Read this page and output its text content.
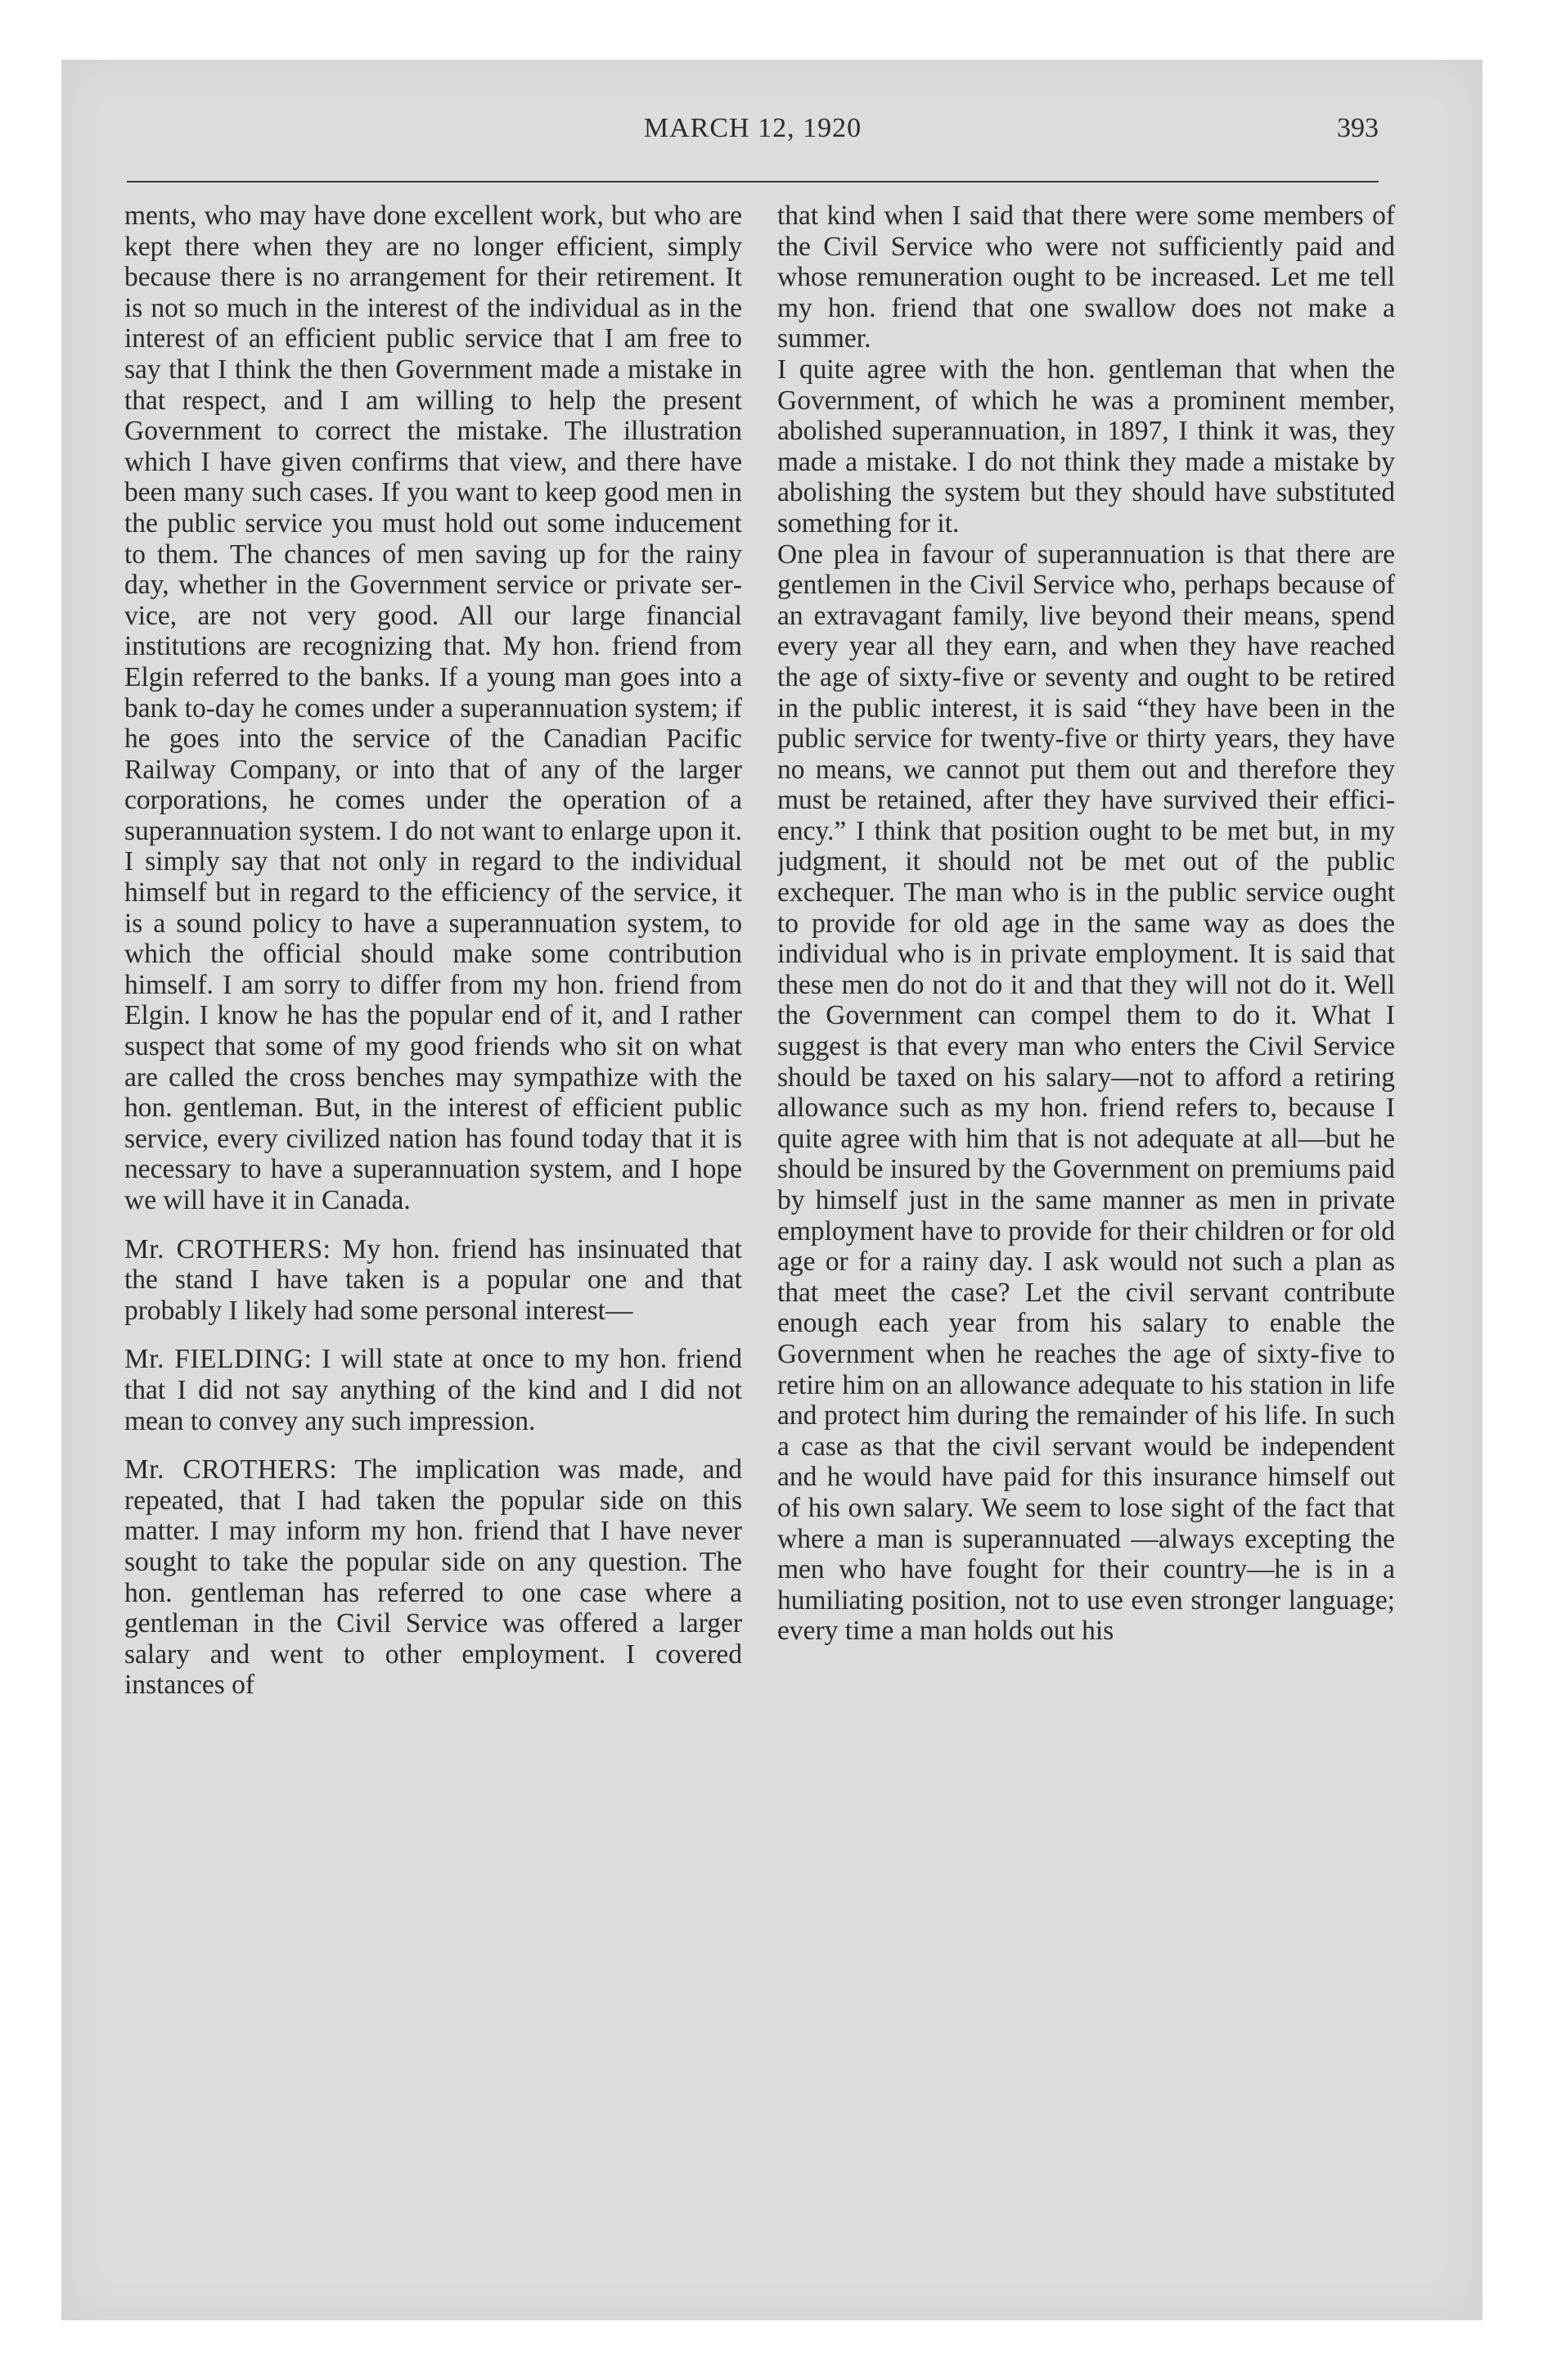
MARCH 12, 1920	393

ments, who may have done excellent work, but who are kept there when they are no longer efficient, simply because there is no arrangement for their retirement. It is not so much in the interest of the individual as in the interest of an efficient public service that I am free to say that I think the then Government made a mistake in that respect, and I am willing to help the present Government to correct the mistake. The illustration which I have given confirms that view, and there have been many such cases. If you want to keep good men in the public service you must hold out some inducement to them. The chances of men saving up for the rainy day, whether in the Government service or private service, are not very good. All our large financial institutions are recognizing that. My hon. friend from Elgin referred to the banks. If a young man goes into a bank to-day he comes under a superannuation system; if he goes into the service of the Canadian Pacific Railway Company, or into that of any of the larger corporations, he comes under the operation of a superannuation system. I do not want to enlarge upon it. I simply say that not only in regard to the individual himself but in regard to the efficiency of the service, it is a sound policy to have a superannuation system, to which the official should make some contribution himself. I am sorry to differ from my hon. friend from Elgin. I know he has the popular end of it, and I rather suspect that some of my good friends who sit on what are called the cross benches may sympathize with the hon. gentleman. But, in the interest of efficient public service, every civilized nation has found today that it is necessary to have a superannuation system, and I hope we will have it in Canada.

Mr. CROTHERS: My hon. friend has insinuated that the stand I have taken is a popular one and that probably I likely had some personal interest—

Mr. FIELDING: I will state at once to my hon. friend that I did not say anything of the kind and I did not mean to convey any such impression.

Mr. CROTHERS: The implication was made, and repeated, that I had taken the popular side on this matter. I may inform my hon. friend that I have never sought to take the popular side on any question. The hon. gentleman has referred to one case where a gentleman in the Civil Service was offered a larger salary and went to other employment. I covered instances of

that kind when I said that there were some members of the Civil Service who were not sufficiently paid and whose remuneration ought to be increased. Let me tell my hon. friend that one swallow does not make a summer.

I quite agree with the hon. gentleman that when the Government, of which he was a prominent member, abolished superannuation, in 1897, I think it was, they made a mistake. I do not think they made a mistake by abolishing the system but they should have substituted something for it.

One plea in favour of superannuation is that there are gentlemen in the Civil Service who, perhaps because of an extravagant family, live beyond their means, spend every year all they earn, and when they have reached the age of sixty-five or seventy and ought to be retired in the public interest, it is said “they have been in the public service for twenty-five or thirty years, they have no means, we cannot put them out and therefore they must be retained, after they have survived their efficiency.” I think that position ought to be met but, in my judgment, it should not be met out of the public exchequer. The man who is in the public service ought to provide for old age in the same way as does the individual who is in private employment. It is said that these men do not do it and that they will not do it. Well the Government can compel them to do it. What I suggest is that every man who enters the Civil Service should be taxed on his salary—not to afford a retiring allowance such as my hon. friend refers to, because I quite agree with him that is not adequate at all—but he should be insured by the Government on premiums paid by himself just in the same manner as men in private employment have to provide for their children or for old age or for a rainy day. I ask would not such a plan as that meet the case? Let the civil servant contribute enough each year from his salary to enable the Government when he reaches the age of sixty-five to retire him on an allowance adequate to his station in life and protect him during the remainder of his life. In such a case as that the civil servant would be independent and he would have paid for this insurance himself out of his own salary. We seem to lose sight of the fact that where a man is superannuated —always excepting the men who have fought for their country—he is in a humiliating position, not to use even stronger language; every time a man holds out his
